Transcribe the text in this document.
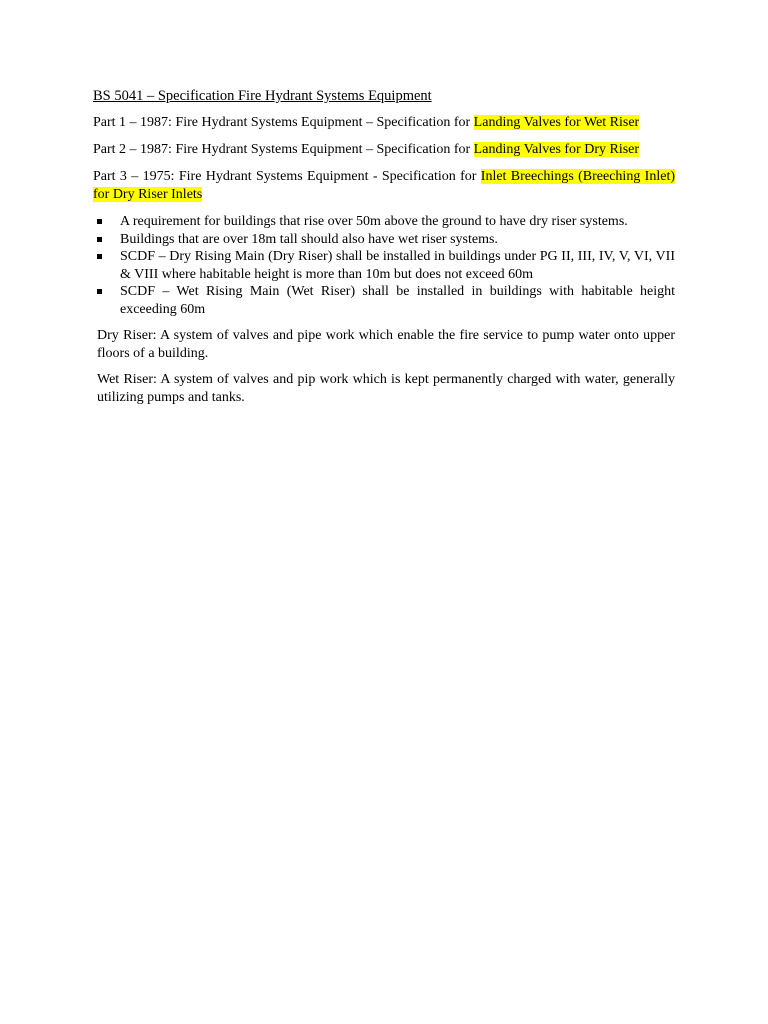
BS 5041 – Specification Fire Hydrant Systems Equipment
Part 1 – 1987: Fire Hydrant Systems Equipment – Specification for Landing Valves for Wet Riser
Part 2 – 1987: Fire Hydrant Systems Equipment – Specification for Landing Valves for Dry Riser
Part 3 – 1975: Fire Hydrant Systems Equipment - Specification for Inlet Breechings (Breeching Inlet) for Dry Riser Inlets
A requirement for buildings that rise over 50m above the ground to have dry riser systems.
Buildings that are over 18m tall should also have wet riser systems.
SCDF – Dry Rising Main (Dry Riser) shall be installed in buildings under PG II, III, IV, V, VI, VII & VIII where habitable height is more than 10m but does not exceed 60m
SCDF – Wet Rising Main (Wet Riser) shall be installed in buildings with habitable height exceeding 60m

Dry Riser: A system of valves and pipe work which enable the fire service to pump water onto upper floors of a building.

Wet Riser: A system of valves and pip work which is kept permanently charged with water, generally utilizing pumps and tanks.
